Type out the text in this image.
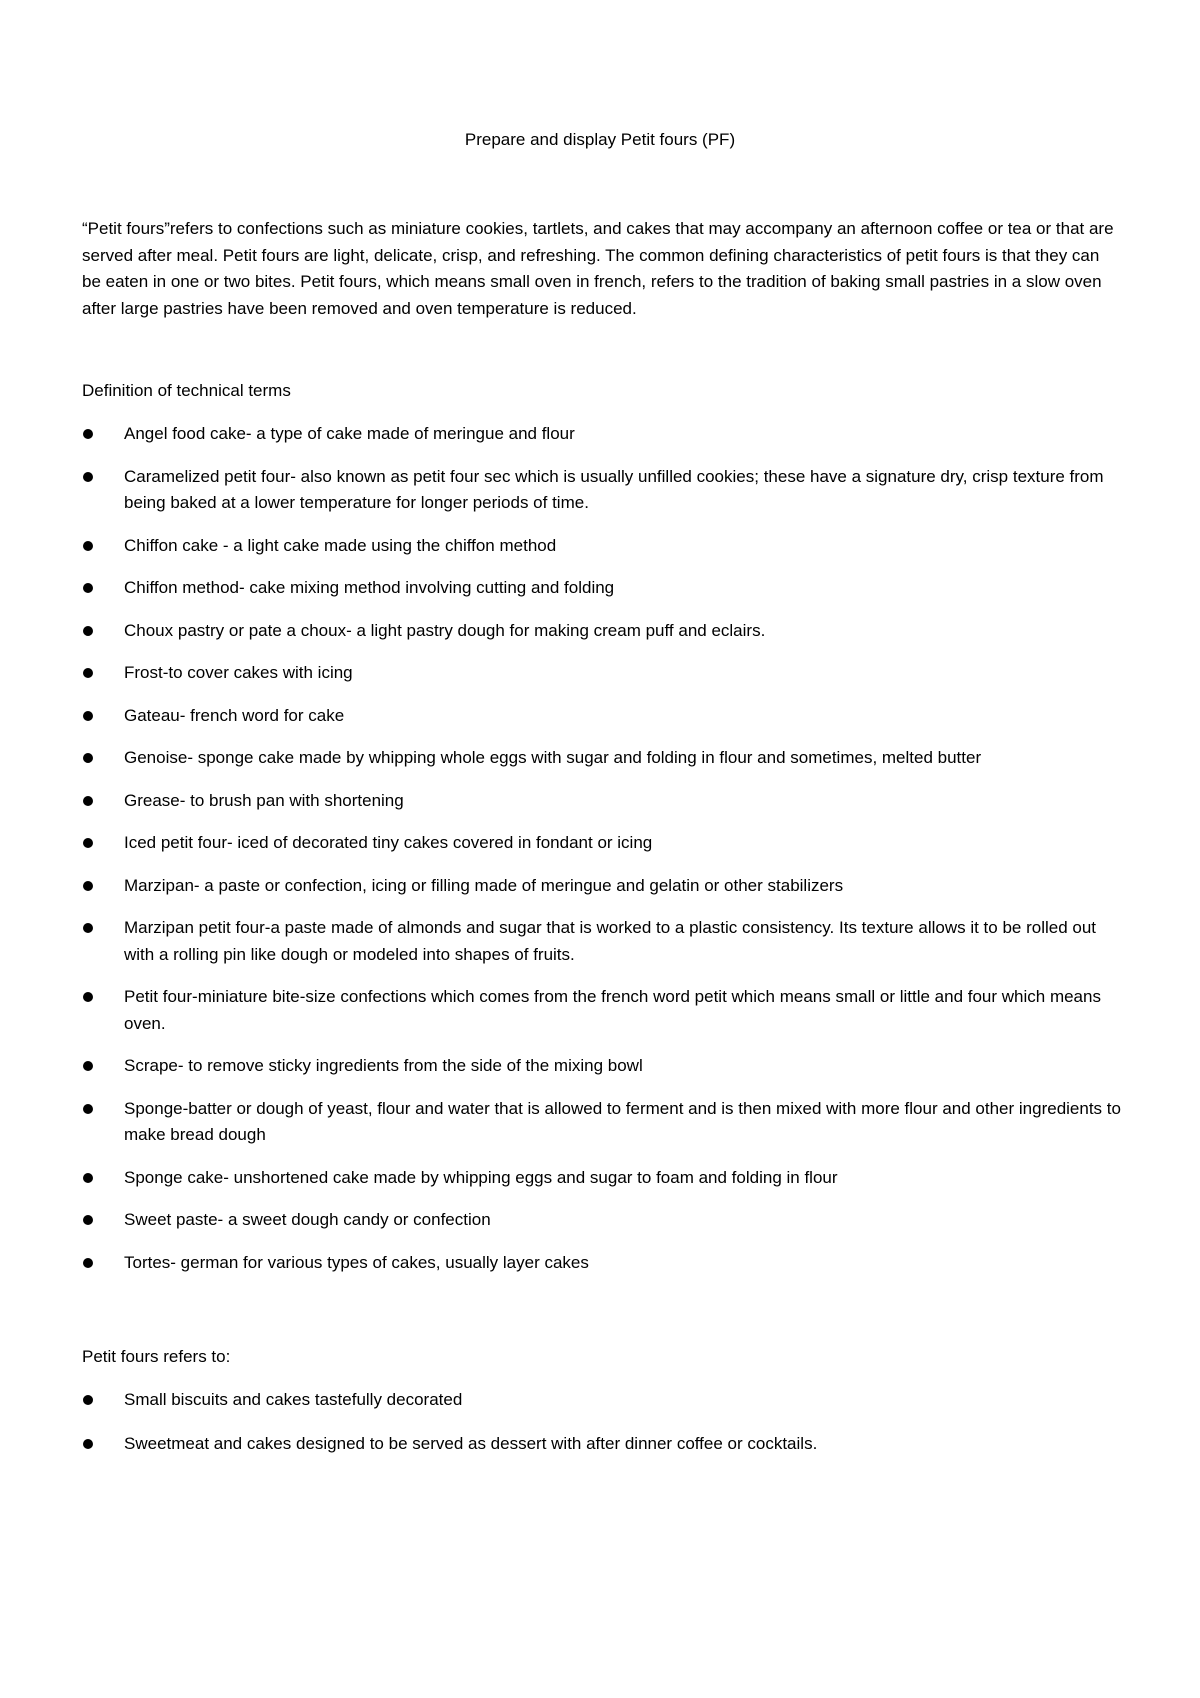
Prepare and display Petit fours (PF)

“Petit fours”refers to confections such as miniature cookies, tartlets, and cakes that may accompany an afternoon coffee or tea or that are served after meal. Petit fours are light, delicate, crisp, and refreshing. The common defining characteristics of petit fours is that they can be eaten in one or two bites. Petit fours, which means small oven in french, refers to the tradition of baking small pastries in a slow oven after large pastries have been removed and oven temperature is reduced.

Definition of technical terms

Angel food cake- a type of cake made of meringue and flour
Caramelized petit four- also known as petit four sec which is usually unfilled cookies; these have a signature dry, crisp texture from being baked at a lower temperature for longer periods of time.
Chiffon cake - a light cake made using the chiffon method
Chiffon method- cake mixing method involving cutting and folding
Choux pastry or pate a choux- a light pastry dough for making cream puff and eclairs.
Frost-to cover cakes with icing
Gateau- french word for cake
Genoise- sponge cake made by whipping whole eggs with sugar and folding in flour and sometimes, melted butter
Grease- to brush pan with shortening
Iced petit four- iced of decorated tiny cakes covered in fondant or icing
Marzipan- a paste or confection, icing or filling made of meringue and gelatin or other stabilizers
Marzipan petit four-a paste made of almonds and sugar that is worked to a plastic consistency. Its texture allows it to be rolled out with a rolling pin like dough or modeled into shapes of fruits.
Petit four-miniature bite-size confections which comes from the french word petit which means small or little and four which means oven.
Scrape- to remove sticky ingredients from the side of the mixing bowl
Sponge-batter or dough of yeast, flour and water that is allowed to ferment and is then mixed with more flour and other ingredients to make bread dough
Sponge cake- unshortened cake made by whipping eggs and sugar to foam and folding in flour
Sweet paste- a sweet dough candy or confection
Tortes- german for various types of cakes, usually layer cakes

Petit fours refers to:

Small biscuits and cakes tastefully decorated
Sweetmeat and cakes designed to be served as dessert with after dinner coffee or cocktails.
